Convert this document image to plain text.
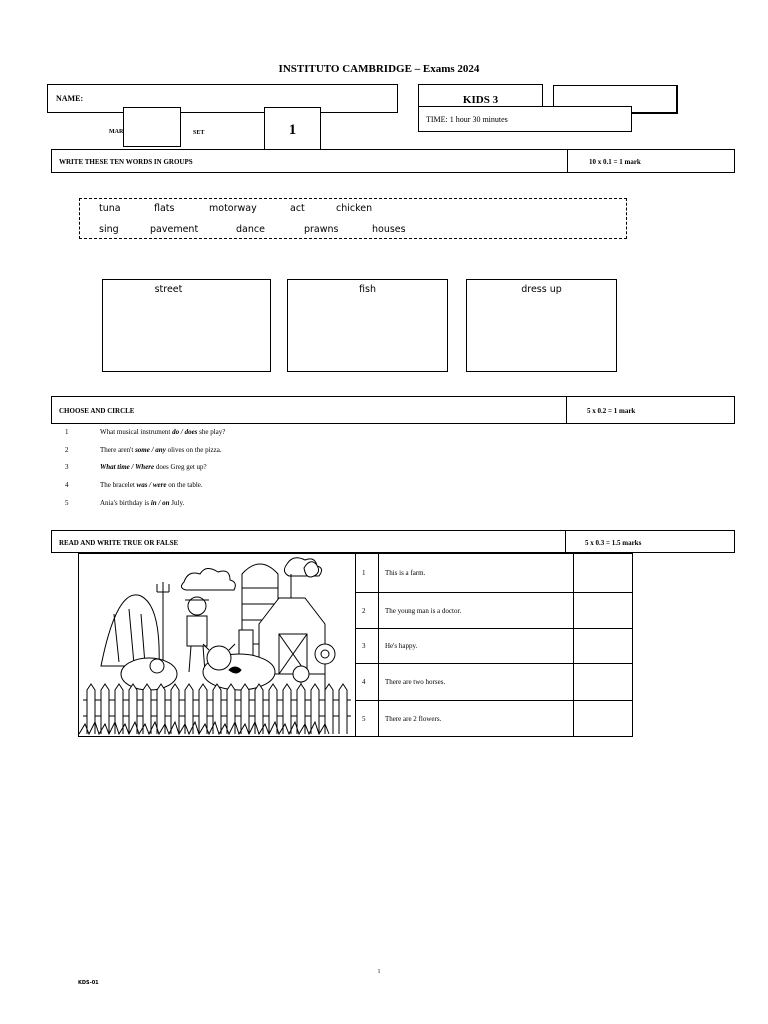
INSTITUTO CAMBRIDGE – Exams 2024
NAME:	KIDS 3
TIME: 1 hour 30 minutes
MAR	SET	1
WRITE THESE TEN WORDS IN GROUPS	10 x 0.1 = 1 mark
tuna	flats	motorway	act	chicken
sing	pavement	dance	prawns	houses
street	fish	dress up
CHOOSE AND CIRCLE	5 x 0.2 = 1 mark
1	What musical instrument do / does she play?
2	There aren't some / any olives on the pizza.
3	What time / Where does Greg get up?
4	The bracelet was / were on the table.
5	Ania's birthday is in / on July.
READ AND WRITE TRUE OR FALSE	5 x 0.3 = 1.5 marks
1	This is a farm.	
2	The young man is a doctor.	
3	He's happy.	
4	There are two horses.	
5	There are 2 flowers.	
1
KDS-01
